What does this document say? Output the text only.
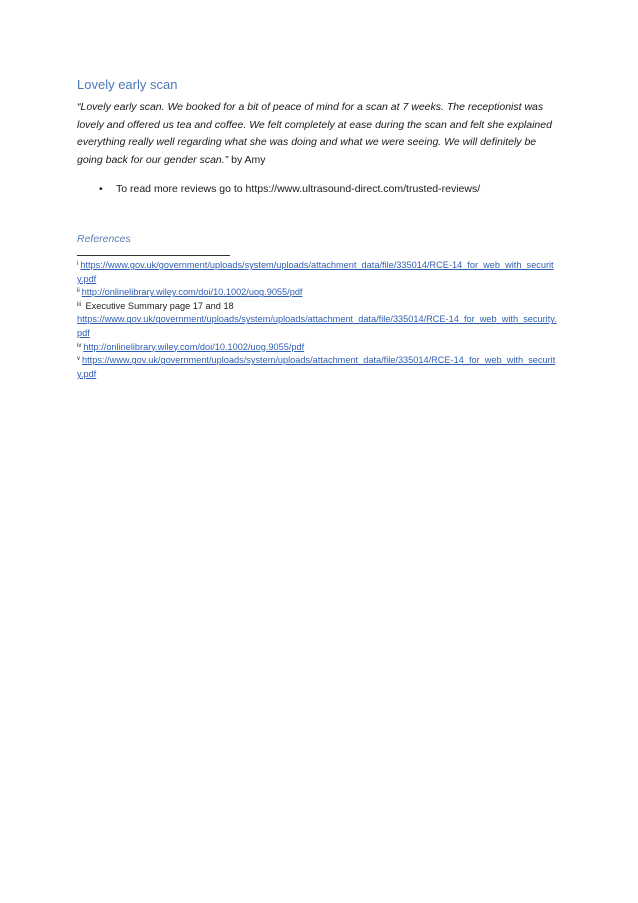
Lovely early scan

“Lovely early scan. We booked for a bit of peace of mind for a scan at 7 weeks. The receptionist was lovely and offered us tea and coffee. We felt completely at ease during the scan and felt she explained everything really well regarding what she was doing and what we were seeing. We will definitely be going back for our gender scan.” by Amy

• To read more reviews go to https://www.ultrasound-direct.com/trusted-reviews/
References

$^i$ https://www.gov.uk/government/uploads/system/uploads/attachment_data/file/335014/RCE-14_for_web_with_security.pdf

$^{ii}$ http://onlinelibrary.wiley.com/doi/10.1002/uog.9055/pdf

$^{iii}$ Executive Summary page 17 and 18
https://www.gov.uk/government/uploads/system/uploads/attachment_data/file/335014/RCE-14_for_web_with_security.pdf

$^{iv}$ http://onlinelibrary.wiley.com/doi/10.1002/uog.9055/pdf

$^v$ https://www.gov.uk/government/uploads/system/uploads/attachment_data/file/335014/RCE-14_for_web_with_security.pdf
